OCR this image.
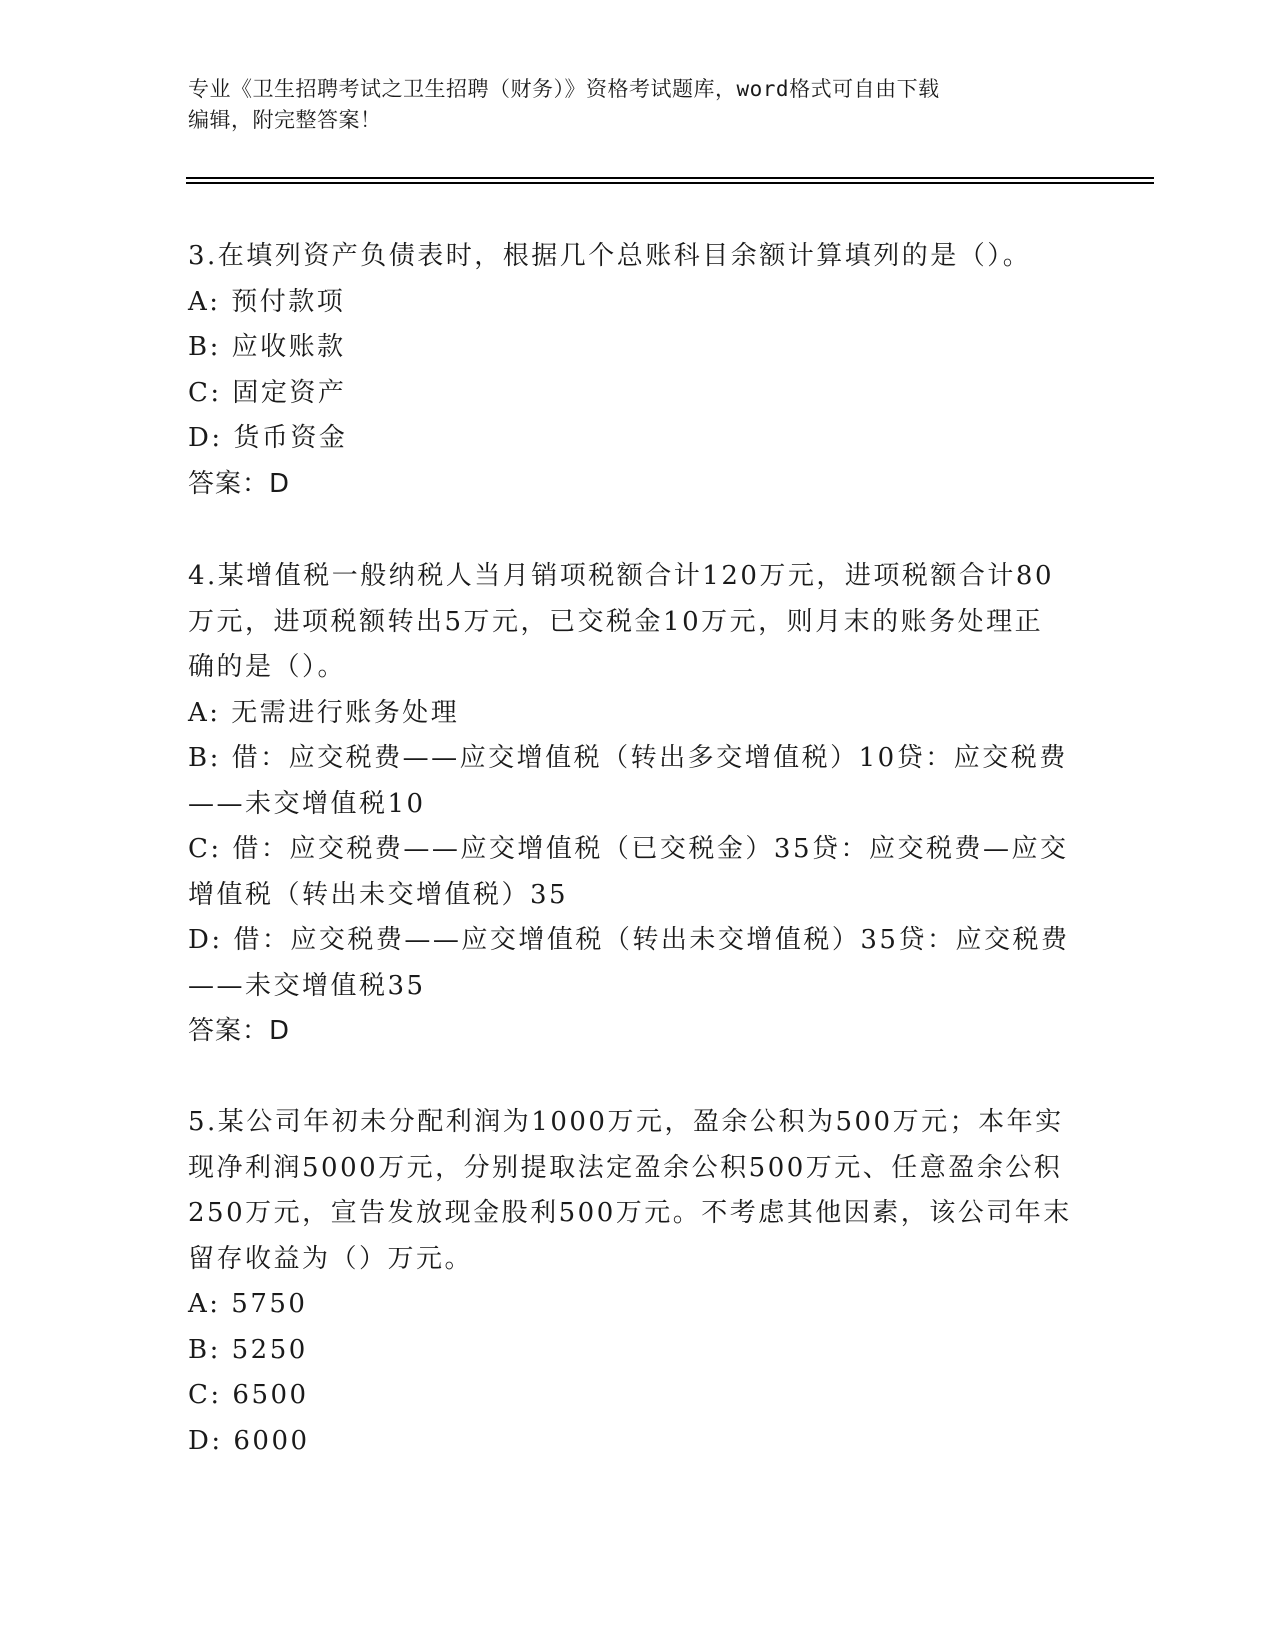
专业《卫生招聘考试之卫生招聘（财务）》资格考试题库，word格式可自由下载
编辑，附完整答案！
3.在填列资产负债表时，根据几个总账科目余额计算填列的是（）。
A: 预付款项
B: 应收账款
C: 固定资产
D: 货币资金
答案：D
4.某增值税一般纳税人当月销项税额合计120万元，进项税额合计80
万元，进项税额转出5万元，已交税金10万元，则月末的账务处理正
确的是（）。
A: 无需进行账务处理
B: 借：应交税费——应交增值税（转出多交增值税）10贷：应交税费
——未交增值税10
C: 借：应交税费——应交增值税（已交税金）35贷：应交税费—应交
增值税（转出未交增值税）35
D: 借：应交税费——应交增值税（转出未交增值税）35贷：应交税费
——未交增值税35
答案：D
5.某公司年初未分配利润为1000万元，盈余公积为500万元；本年实
现净利润5000万元，分别提取法定盈余公积500万元、任意盈余公积
250万元，宣告发放现金股利500万元。不考虑其他因素，该公司年末
留存收益为（）万元。
A: 5750
B: 5250
C: 6500
D: 6000
